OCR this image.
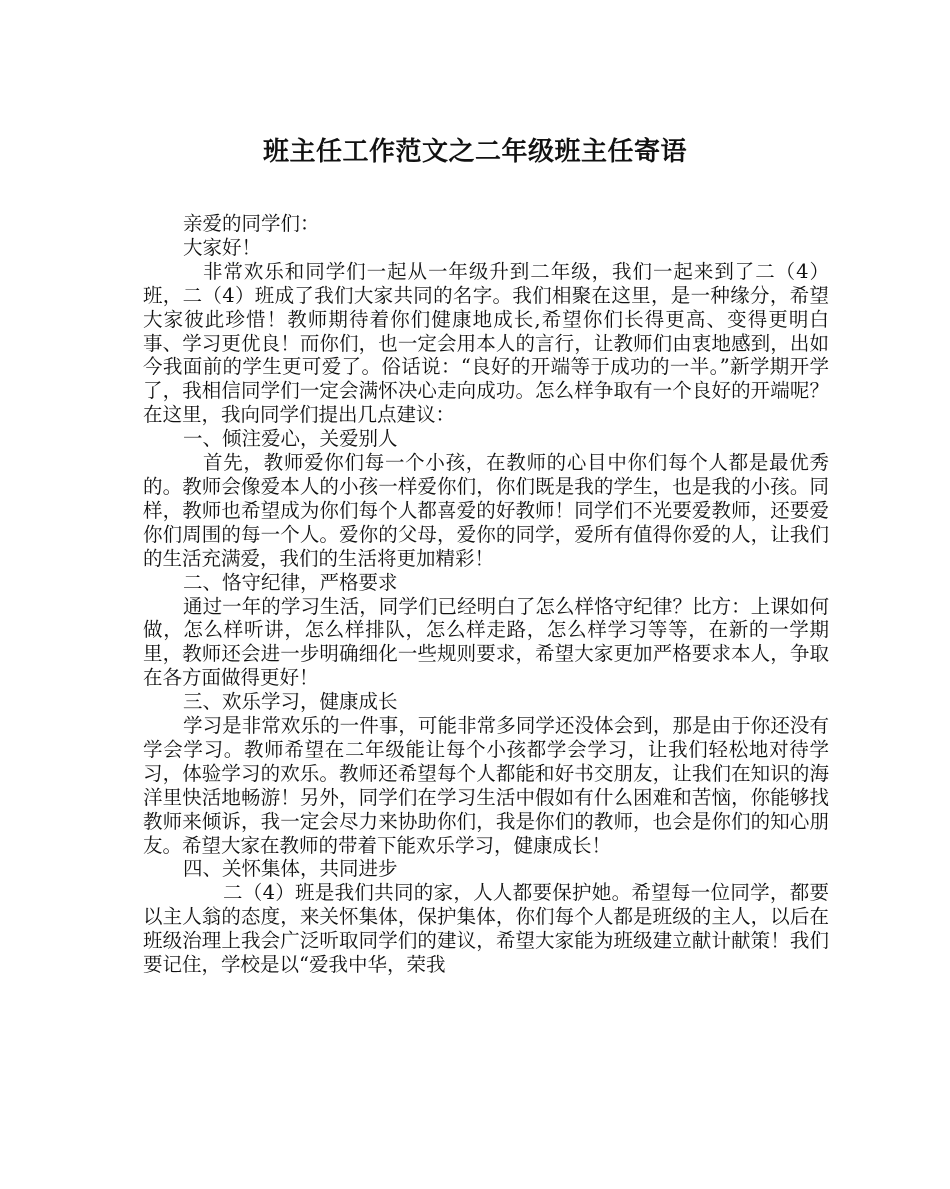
班主任工作范文之二年级班主任寄语

亲爱的同学们：

大家好！

非常欢乐和同学们一起从一年级升到二年级，我们一起来到了二（4）班，二（4）班成了我们大家共同的名字。我们相聚在这里，是一种缘分，希望大家彼此珍惜！教师期待着你们健康地成长,希望你们长得更高、变得更明白事、学习更优良！而你们，也一定会用本人的言行，让教师们由衷地感到，出如今我面前的学生更可爱了。俗话说：“良好的开端等于成功的一半。”新学期开学了，我相信同学们一定会满怀决心走向成功。怎么样争取有一个良好的开端呢？在这里，我向同学们提出几点建议：

一、倾注爱心，关爱别人

首先，教师爱你们每一个小孩，在教师的心目中你们每个人都是最优秀的。教师会像爱本人的小孩一样爱你们，你们既是我的学生，也是我的小孩。同样，教师也希望成为你们每个人都喜爱的好教师！同学们不光要爱教师，还要爱你们周围的每一个人。爱你的父母，爱你的同学，爱所有值得你爱的人，让我们的生活充满爱，我们的生活将更加精彩！

二、恪守纪律，严格要求

通过一年的学习生活，同学们已经明白了怎么样恪守纪律？比方：上课如何做，怎么样听讲，怎么样排队，怎么样走路，怎么样学习等等，在新的一学期里，教师还会进一步明确细化一些规则要求，希望大家更加严格要求本人，争取在各方面做得更好！

三、欢乐学习，健康成长

学习是非常欢乐的一件事，可能非常多同学还没体会到，那是由于你还没有学会学习。教师希望在二年级能让每个小孩都学会学习，让我们轻松地对待学习，体验学习的欢乐。教师还希望每个人都能和好书交朋友，让我们在知识的海洋里快活地畅游！另外，同学们在学习生活中假如有什么困难和苦恼，你能够找教师来倾诉，我一定会尽力来协助你们，我是你们的教师，也会是你们的知心朋友。希望大家在教师的带着下能欢乐学习，健康成长！

四、关怀集体，共同进步

二（4）班是我们共同的家，人人都要保护她。希望每一位同学，都要以主人翁的态度，来关怀集体，保护集体，你们每个人都是班级的主人，以后在班级治理上我会广泛听取同学们的建议，希望大家能为班级建立献计献策！我们要记住，学校是以“爱我中华，荣我
